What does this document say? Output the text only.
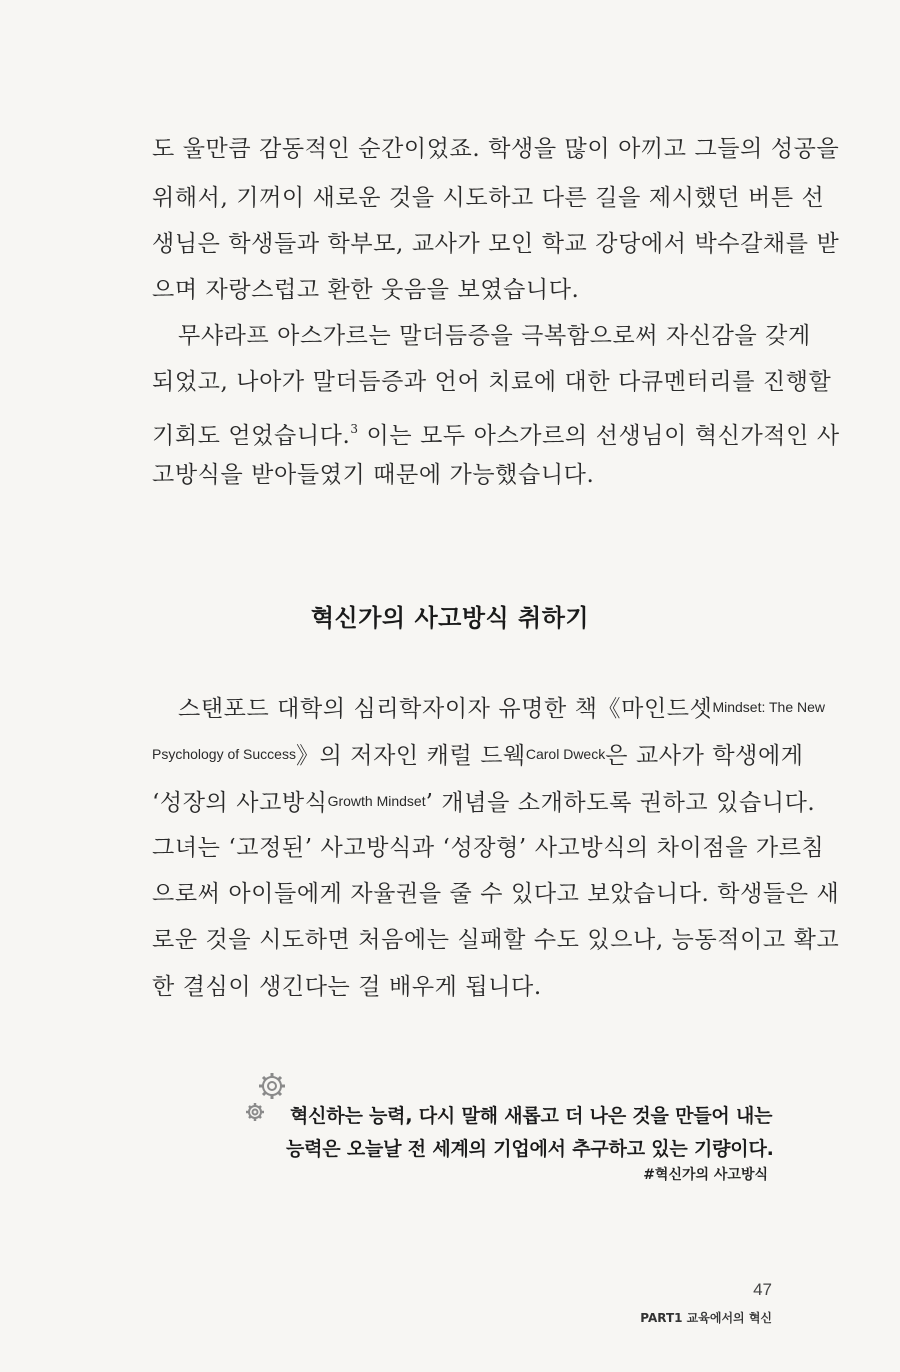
도 울만큼 감동적인 순간이었죠. 학생을 많이 아끼고 그들의 성공을
위해서, 기꺼이 새로운 것을 시도하고 다른 길을 제시했던 버튼 선
생님은 학생들과 학부모, 교사가 모인 학교 강당에서 박수갈채를 받
으며 자랑스럽고 환한 웃음을 보였습니다.
무샤라프 아스가르는 말더듬증을 극복함으로써 자신감을 갖게
되었고, 나아가 말더듬증과 언어 치료에 대한 다큐멘터리를 진행할
기회도 얻었습니다.$^3$ 이는 모두 아스가르의 선생님이 혁신가적인 사
고방식을 받아들였기 때문에 가능했습니다.
혁신가의 사고방식 취하기
스탠포드 대학의 심리학자이자 유명한 책《마인드셋Mindset: The New
Psychology of Success》의 저자인 캐럴 드웩Carol Dweck은 교사가 학생에게
‘성장의 사고방식Growth Mindset’ 개념을 소개하도록 권하고 있습니다.
그녀는 ‘고정된’ 사고방식과 ‘성장형’ 사고방식의 차이점을 가르침
으로써 아이들에게 자율권을 줄 수 있다고 보았습니다. 학생들은 새
로운 것을 시도하면 처음에는 실패할 수도 있으나, 능동적이고 확고
한 결심이 생긴다는 걸 배우게 됩니다.
혁신하는 능력, 다시 말해 새롭고 더 나은 것을 만들어 내는
능력은 오늘날 전 세계의 기업에서 추구하고 있는 기량이다.
#혁신가의 사고방식
47
PART1 교육에서의 혁신
